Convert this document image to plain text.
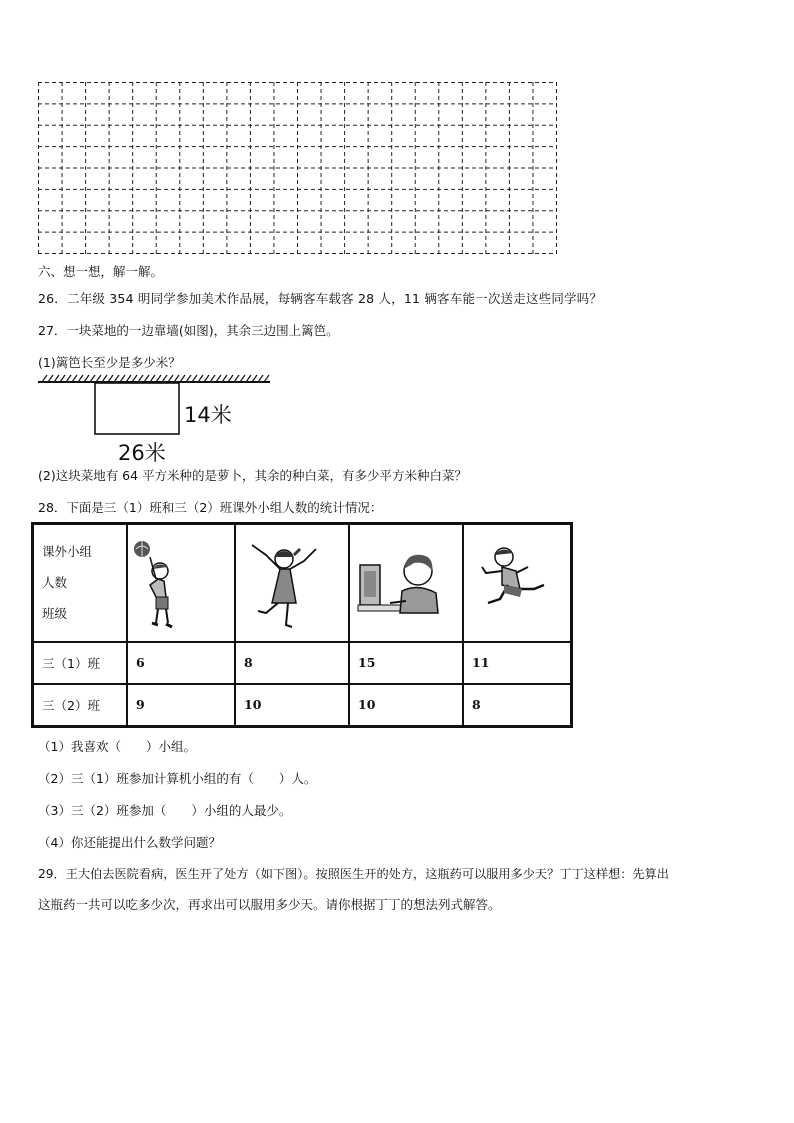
六、想一想，解一解。
26．二年级 354 明同学参加美术作品展，每辆客车载客 28 人，11 辆客车能一次送走这些同学吗？
27．一块菜地的一边靠墙(如图)，其余三边围上篱笆。
(1)篱笆长至少是多少米？
14米
26米
(2)这块菜地有 64 平方米种的是萝卜，其余的种白菜，有多少平方米种白菜？
28．下面是三（1）班和三（2）班课外小组人数的统计情况：
课外小组
人数
班级

三（1）班	6	8	15	11
三（2）班	9	10	10	8
（1）我喜欢（　　）小组。
（2）三（1）班参加计算机小组的有（　　）人。
（3）三（2）班参加（　　）小组的人最少。
（4）你还能提出什么数学问题？
29．王大伯去医院看病，医生开了处方（如下图）。按照医生开的处方，这瓶药可以服用多少天？丁丁这样想：先算出
这瓶药一共可以吃多少次，再求出可以服用多少天。请你根据丁丁的想法列式解答。
